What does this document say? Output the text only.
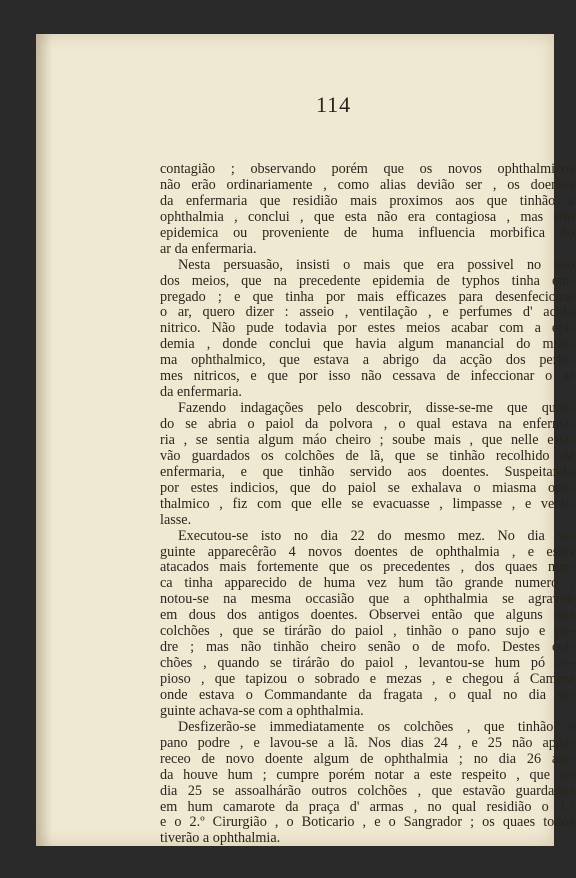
114
contagião ; observando porém que os novos ophthalmicos
não erão ordinariamente , como alias devião ser , os doentes
da enfermaria que residião mais proximos aos que tinhão a
ophthalmia , conclui , que esta não era contagiosa , mas sim
epidemica ou proveniente de huma influencia morbifica do
ar da enfermaria.
Nesta persuasão, insisti o mais que era possivel no uso
dos meios, que na precedente epidemia de typhos tinha em-
pregado ; e que tinha por mais efficazes para desenfecionar
o ar, quero dizer : asseio , ventilação , e perfumes d' acido
nitrico. Não pude todavia por estes meios acabar com a epi-
demia , donde conclui que havia algum manancial do mias-
ma ophthalmico, que estava a abrigo da acção dos perfu-
mes nitricos, e que por isso não cessava de infeccionar o ar
da enfermaria.
Fazendo indagações pelo descobrir, disse-se-me que quan-
do se abria o paiol da polvora , o qual estava na enferma-
ria , se sentia algum máo cheiro ; soube mais , que nelle esta-
vão guardados os colchões de lã, que se tinhão recolhido da
enfermaria, e que tinhão servido aos doentes. Suspeitando
por estes indicios, que do paiol se exhalava o miasma oph-
thalmico , fiz com que elle se evacuasse , limpasse , e venti-
lasse.
Executou-se isto no dia 22 do mesmo mez. No dia se-
guinte apparecêrão 4 novos doentes de ophthalmia , e estes
atacados mais fortemente que os precedentes , dos quaes nun-
ca tinha apparecido de huma vez hum tão grande numero ;
notou-se na mesma occasião que a ophthalmia se agravou
em dous dos antigos doentes. Observei então que alguns dos
colchões , que se tirárão do paiol , tinhão o pano sujo e po-
dre ; mas não tinhão cheiro senão o de mofo. Destes col-
chões , quando se tirárão do paiol , levantou-se hum pó co-
pioso , que tapizou o sobrado e mezas , e chegou á Camera
onde estava o Commandante da fragata , o qual no dia se-
guinte achava-se com a ophthalmia.
Desfizerão-se immediatamente os colchões , que tinhão o
pano podre , e lavou-se a lã. Nos dias 24 , e 25 não appa-
receo de novo doente algum de ophthalmia ; no dia 26 ain-
da houve hum ; cumpre porém notar a este respeito , que no
dia 25 se assoalhárão outros colchões , que estavão guardados
em hum camarote da praça d' armas , no qual residião o 1.º
e o 2.º Cirurgião , o Boticario , e o Sangrador ; os quaes todos
tiverão a ophthalmia.
